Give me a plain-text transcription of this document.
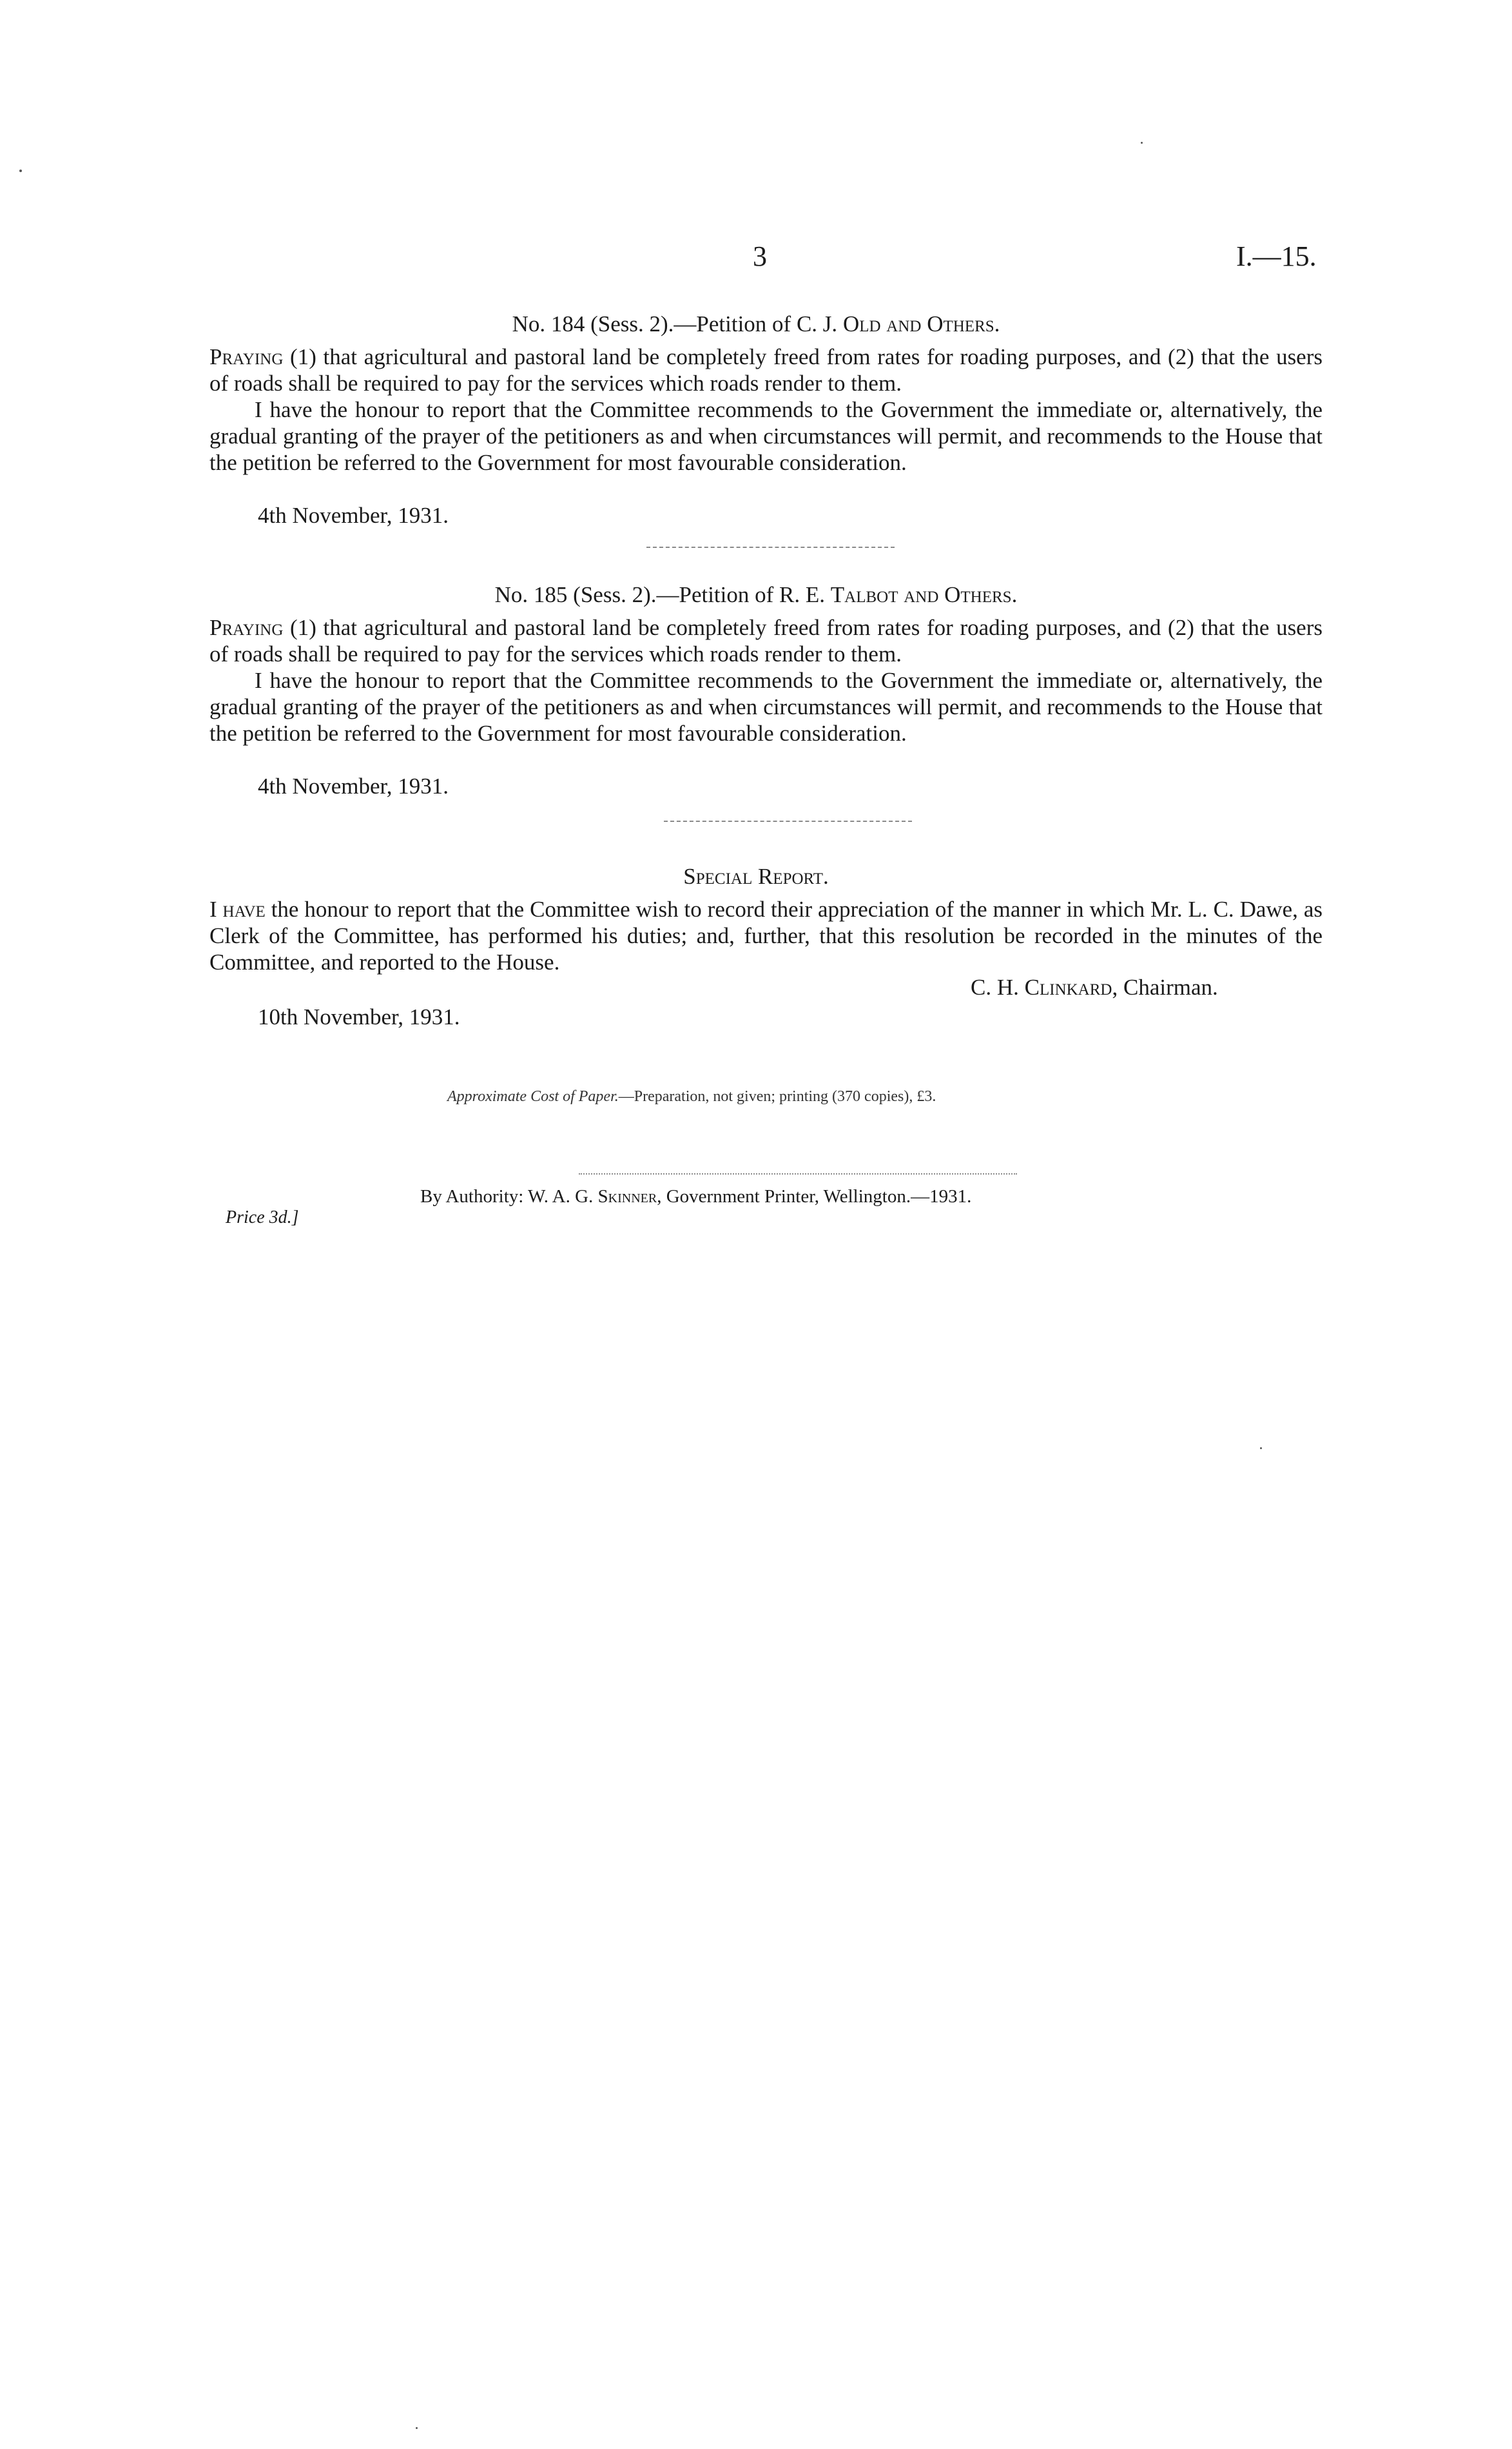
3	I.—15.
No. 184 (Sess. 2).—Petition of C. J. Old and Others.
Praying (1) that agricultural and pastoral land be completely freed from rates for roading purposes, and (2) that the users of roads shall be required to pay for the services which roads render to them.
I have the honour to report that the Committee recommends to the Government the immediate or, alternatively, the gradual granting of the prayer of the petitioners as and when circumstances will permit, and recommends to the House that the petition be referred to the Government for most favourable consideration.
4th November, 1931.
No. 185 (Sess. 2).—Petition of R. E. Talbot and Others.
Praying (1) that agricultural and pastoral land be completely freed from rates for roading purposes, and (2) that the users of roads shall be required to pay for the services which roads render to them.
I have the honour to report that the Committee recommends to the Government the immediate or, alternatively, the gradual granting of the prayer of the petitioners as and when circumstances will permit, and recommends to the House that the petition be referred to the Government for most favourable consideration.
4th November, 1931.
Special Report.
I have the honour to report that the Committee wish to record their appreciation of the manner in which Mr. L. C. Dawe, as Clerk of the Committee, has performed his duties; and, further, that this resolution be recorded in the minutes of the Committee, and reported to the House.
C. H. Clinkard, Chairman.
10th November, 1931.
Approximate Cost of Paper.—Preparation, not given; printing (370 copies), £3.
By Authority: W. A. G. Skinner, Government Printer, Wellington.—1931.
Price 3d.]
